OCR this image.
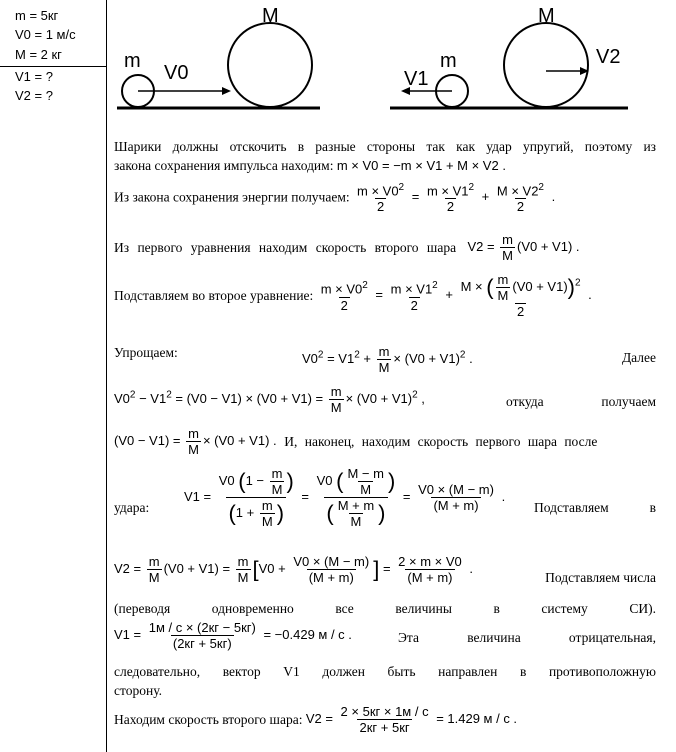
m = 5кг
V0 = 1 м/с
M = 2 кг
V1 = ?
V2 = ?
m
M
V0
m
M
V1
V2
Шарики должны отскочить в разные стороны так как удар упругий, поэтому из
закона сохранения импульса находим: m × V0 = −m × V1 + M × V2 .
Из закона сохранения энергии получаем: $\frac{m \times V0^2}{2} = \frac{m \times V1^2}{2} + \frac{M \times V2^2}{2}$ .
Из первого уравнения находим скорость второго шара $V2 = \frac{m}{M} (V0 + V1)$ .
Подставляем во второе уравнение: $\frac{m \times V0^2}{2} = \frac{m \times V1^2}{2} + \frac{M \times ( \frac{m}{M} (V0 + V1))^2}{2}$ .
Упрощаем:	$V0^2 = V1^2 + \frac{m}{M} \times (V0 + V1)^2$ .	Далее
$V0^2 - V1^2 = (V0 - V1) \times (V0 + V1) = \frac{m}{M} \times (V0 + V1)^2$ ,	откуда	получаем
$(V0 - V1) = \frac{m}{M} \times (V0 + V1)$ . И, наконец, находим скорость первого шара после
удара:
$V1 = \frac{V0 (1 - \frac{m}{M} )}{(1 + \frac{m}{M} )} = \frac{V0 ( \frac{M - m}{M} )}{( \frac{M + m}{M} )} = \frac{V0 \times (M - m)}{(M + m)}$ .
Подставляем	в
$V2 = \frac{m}{M} (V0 + V1) = \frac{m}{M} [V0 + \frac{V0 \times (M - m)}{(M + m)}$ ] = $\frac{2 \times m \times V0}{(M + m)}$ .
Подставляем числа
(переводя одновременно все величины в систему СИ).
$V1 = \frac{1м / с \times (2кг - 5кг)}{(2кг + 5кг)} = -0.429$ м / с .	Эта величина отрицательная,
следовательно, вектор V1 должен быть направлен в противоположную
сторону.
Находим скорость второго шара: $V2 = \frac{2 \times 5кг \times 1м / с}{2кг + 5кг} = 1.429$ м / с .
